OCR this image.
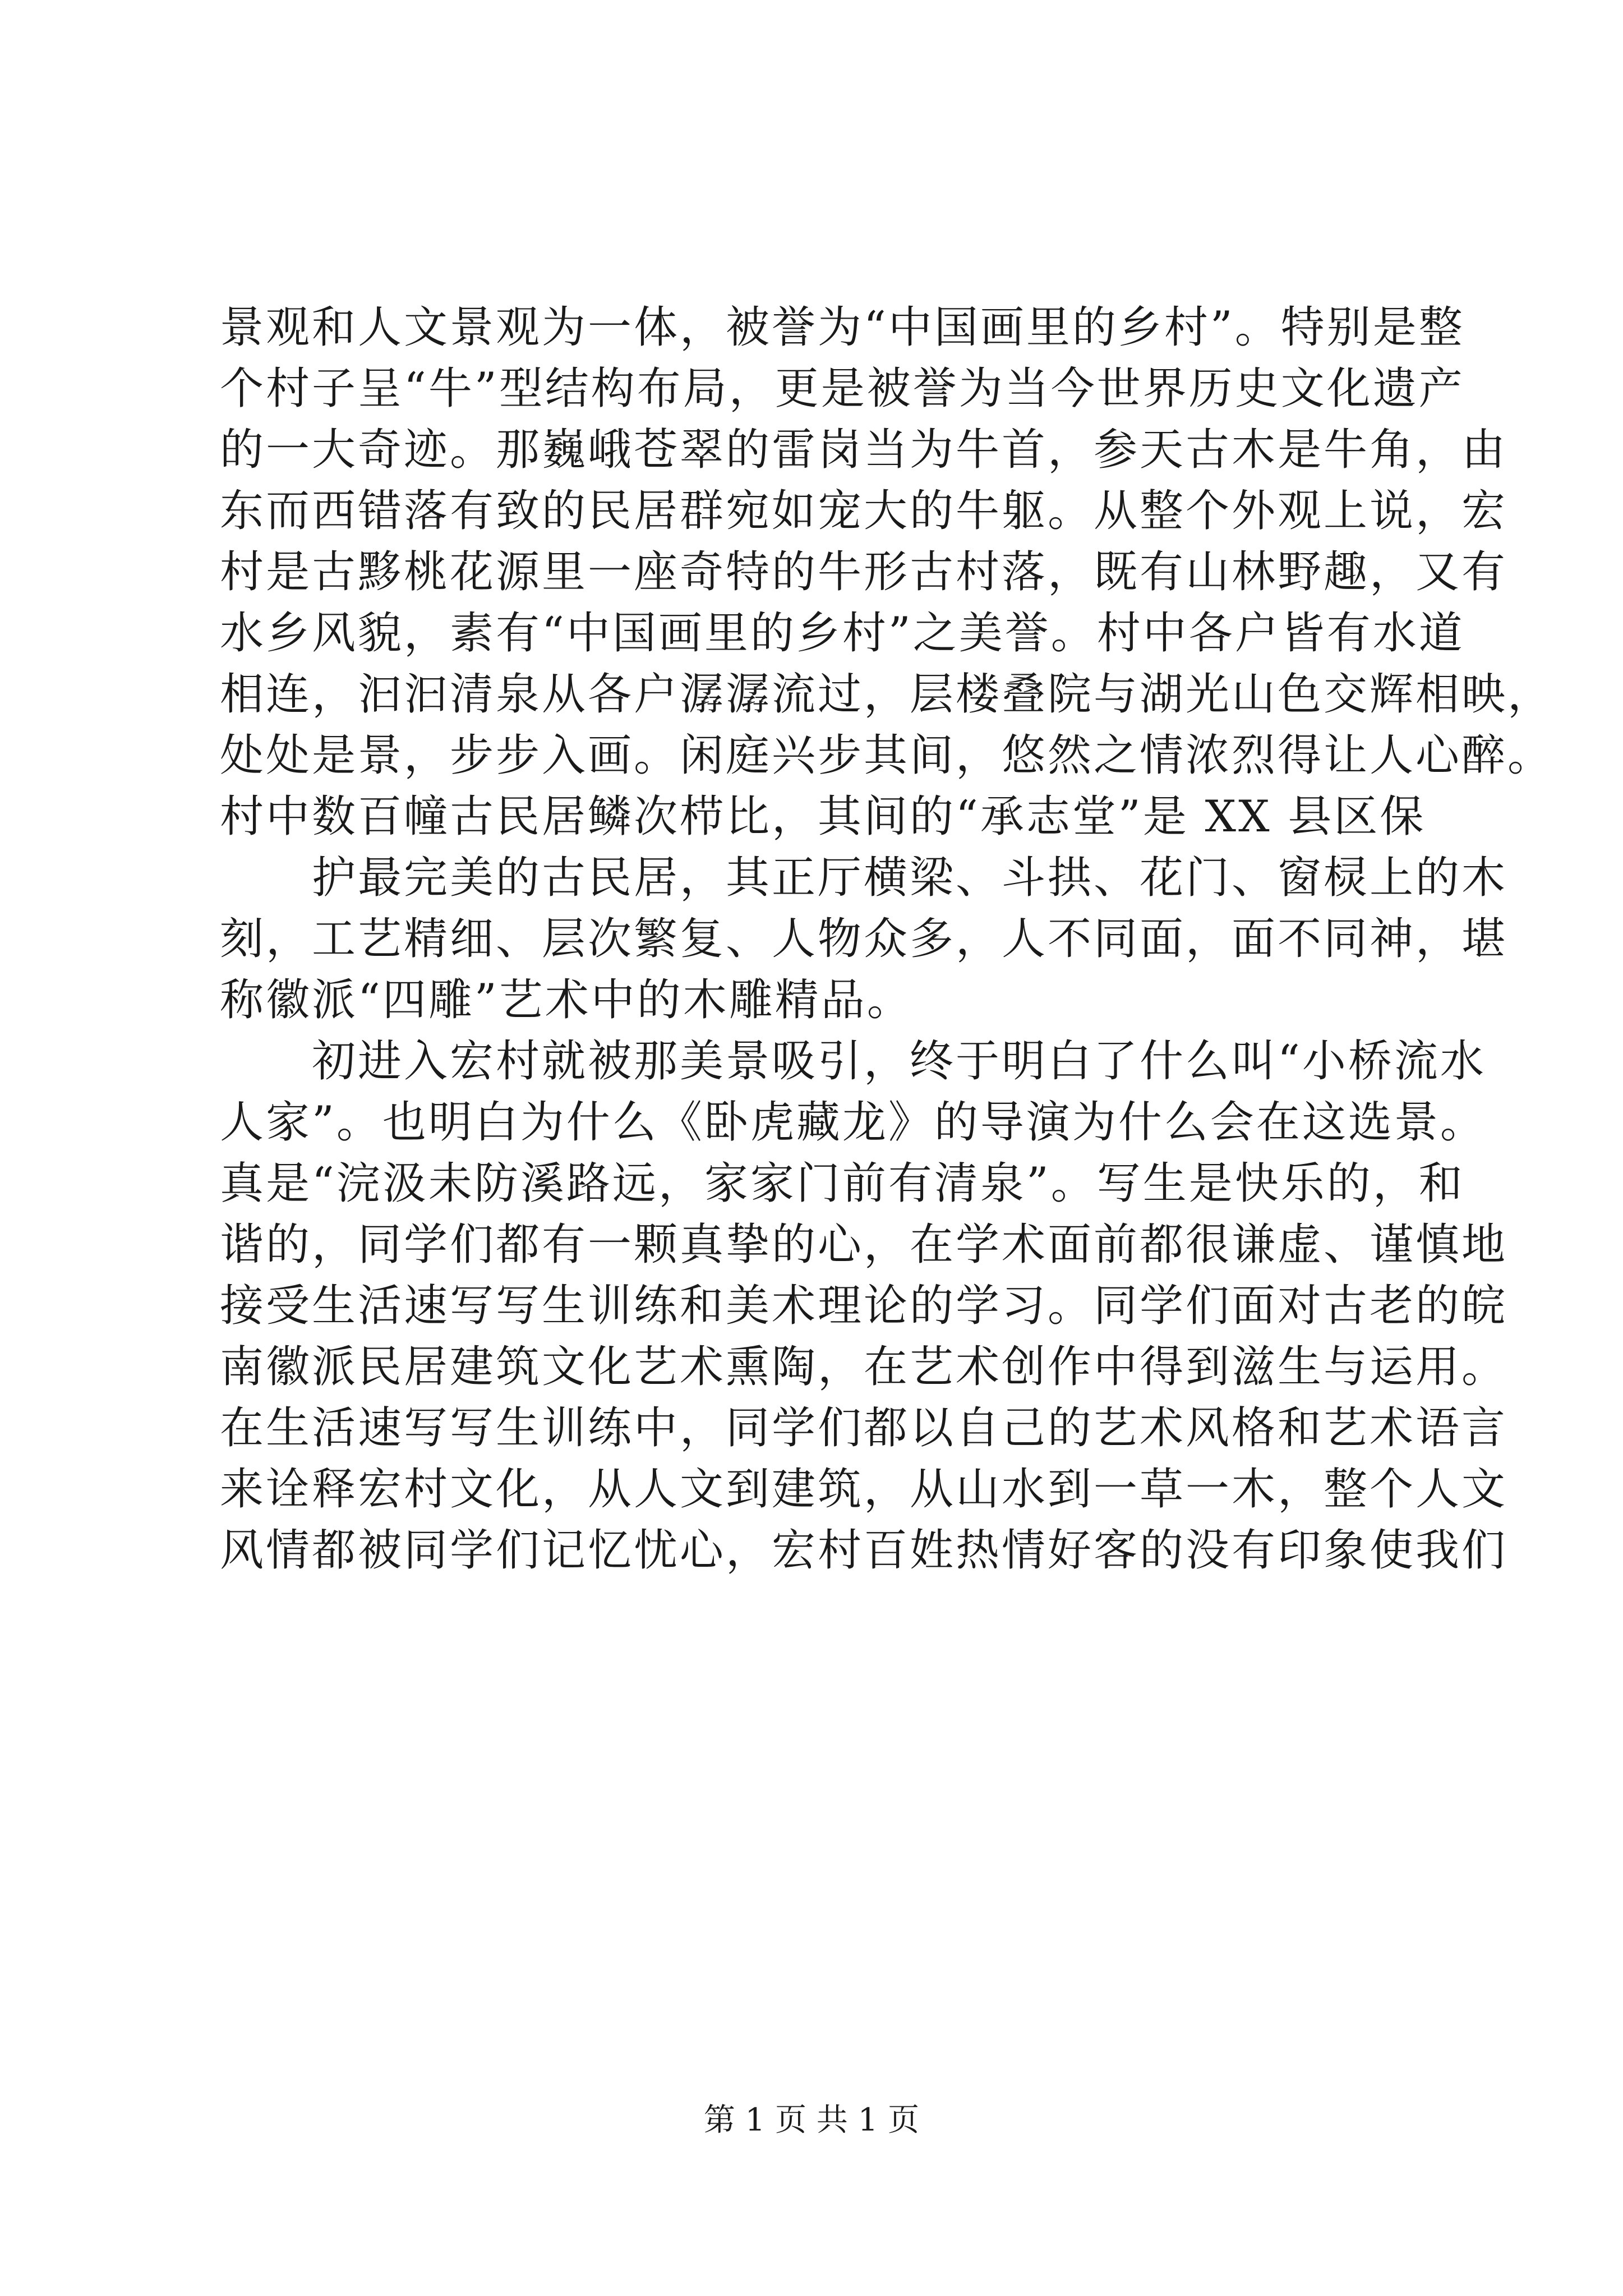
景观和人文景观为一体，被誉为“中国画里的乡村”。特别是整
个村子呈“牛”型结构布局，更是被誉为当今世界历史文化遗产
的一大奇迹。那巍峨苍翠的雷岗当为牛首，参天古木是牛角，由
东而西错落有致的民居群宛如宠大的牛躯。从整个外观上说，宏
村是古黟桃花源里一座奇特的牛形古村落，既有山林野趣，又有
水乡风貌，素有“中国画里的乡村”之美誉。村中各户皆有水道
相连，汩汩清泉从各户潺潺流过，层楼叠院与湖光山色交辉相映，
处处是景，步步入画。闲庭兴步其间，悠然之情浓烈得让人心醉。
村中数百幢古民居鳞次栉比，其间的“承志堂”是 XX 县区保
　　护最完美的古民居，其正厅横梁、斗拱、花门、窗棂上的木
刻，工艺精细、层次繁复、人物众多，人不同面，面不同神，堪
称徽派“四雕”艺术中的木雕精品。
　　初进入宏村就被那美景吸引，终于明白了什么叫“小桥流水
人家”。也明白为什么《卧虎藏龙》的导演为什么会在这选景。
真是“浣汲未防溪路远，家家门前有清泉”。写生是快乐的，和
谐的，同学们都有一颗真挚的心，在学术面前都很谦虚、谨慎地
接受生活速写写生训练和美术理论的学习。同学们面对古老的皖
南徽派民居建筑文化艺术熏陶，在艺术创作中得到滋生与运用。
在生活速写写生训练中，同学们都以自己的艺术风格和艺术语言
来诠释宏村文化，从人文到建筑，从山水到一草一木，整个人文
风情都被同学们记忆忧心，宏村百姓热情好客的没有印象使我们
第 1 页 共 1 页
